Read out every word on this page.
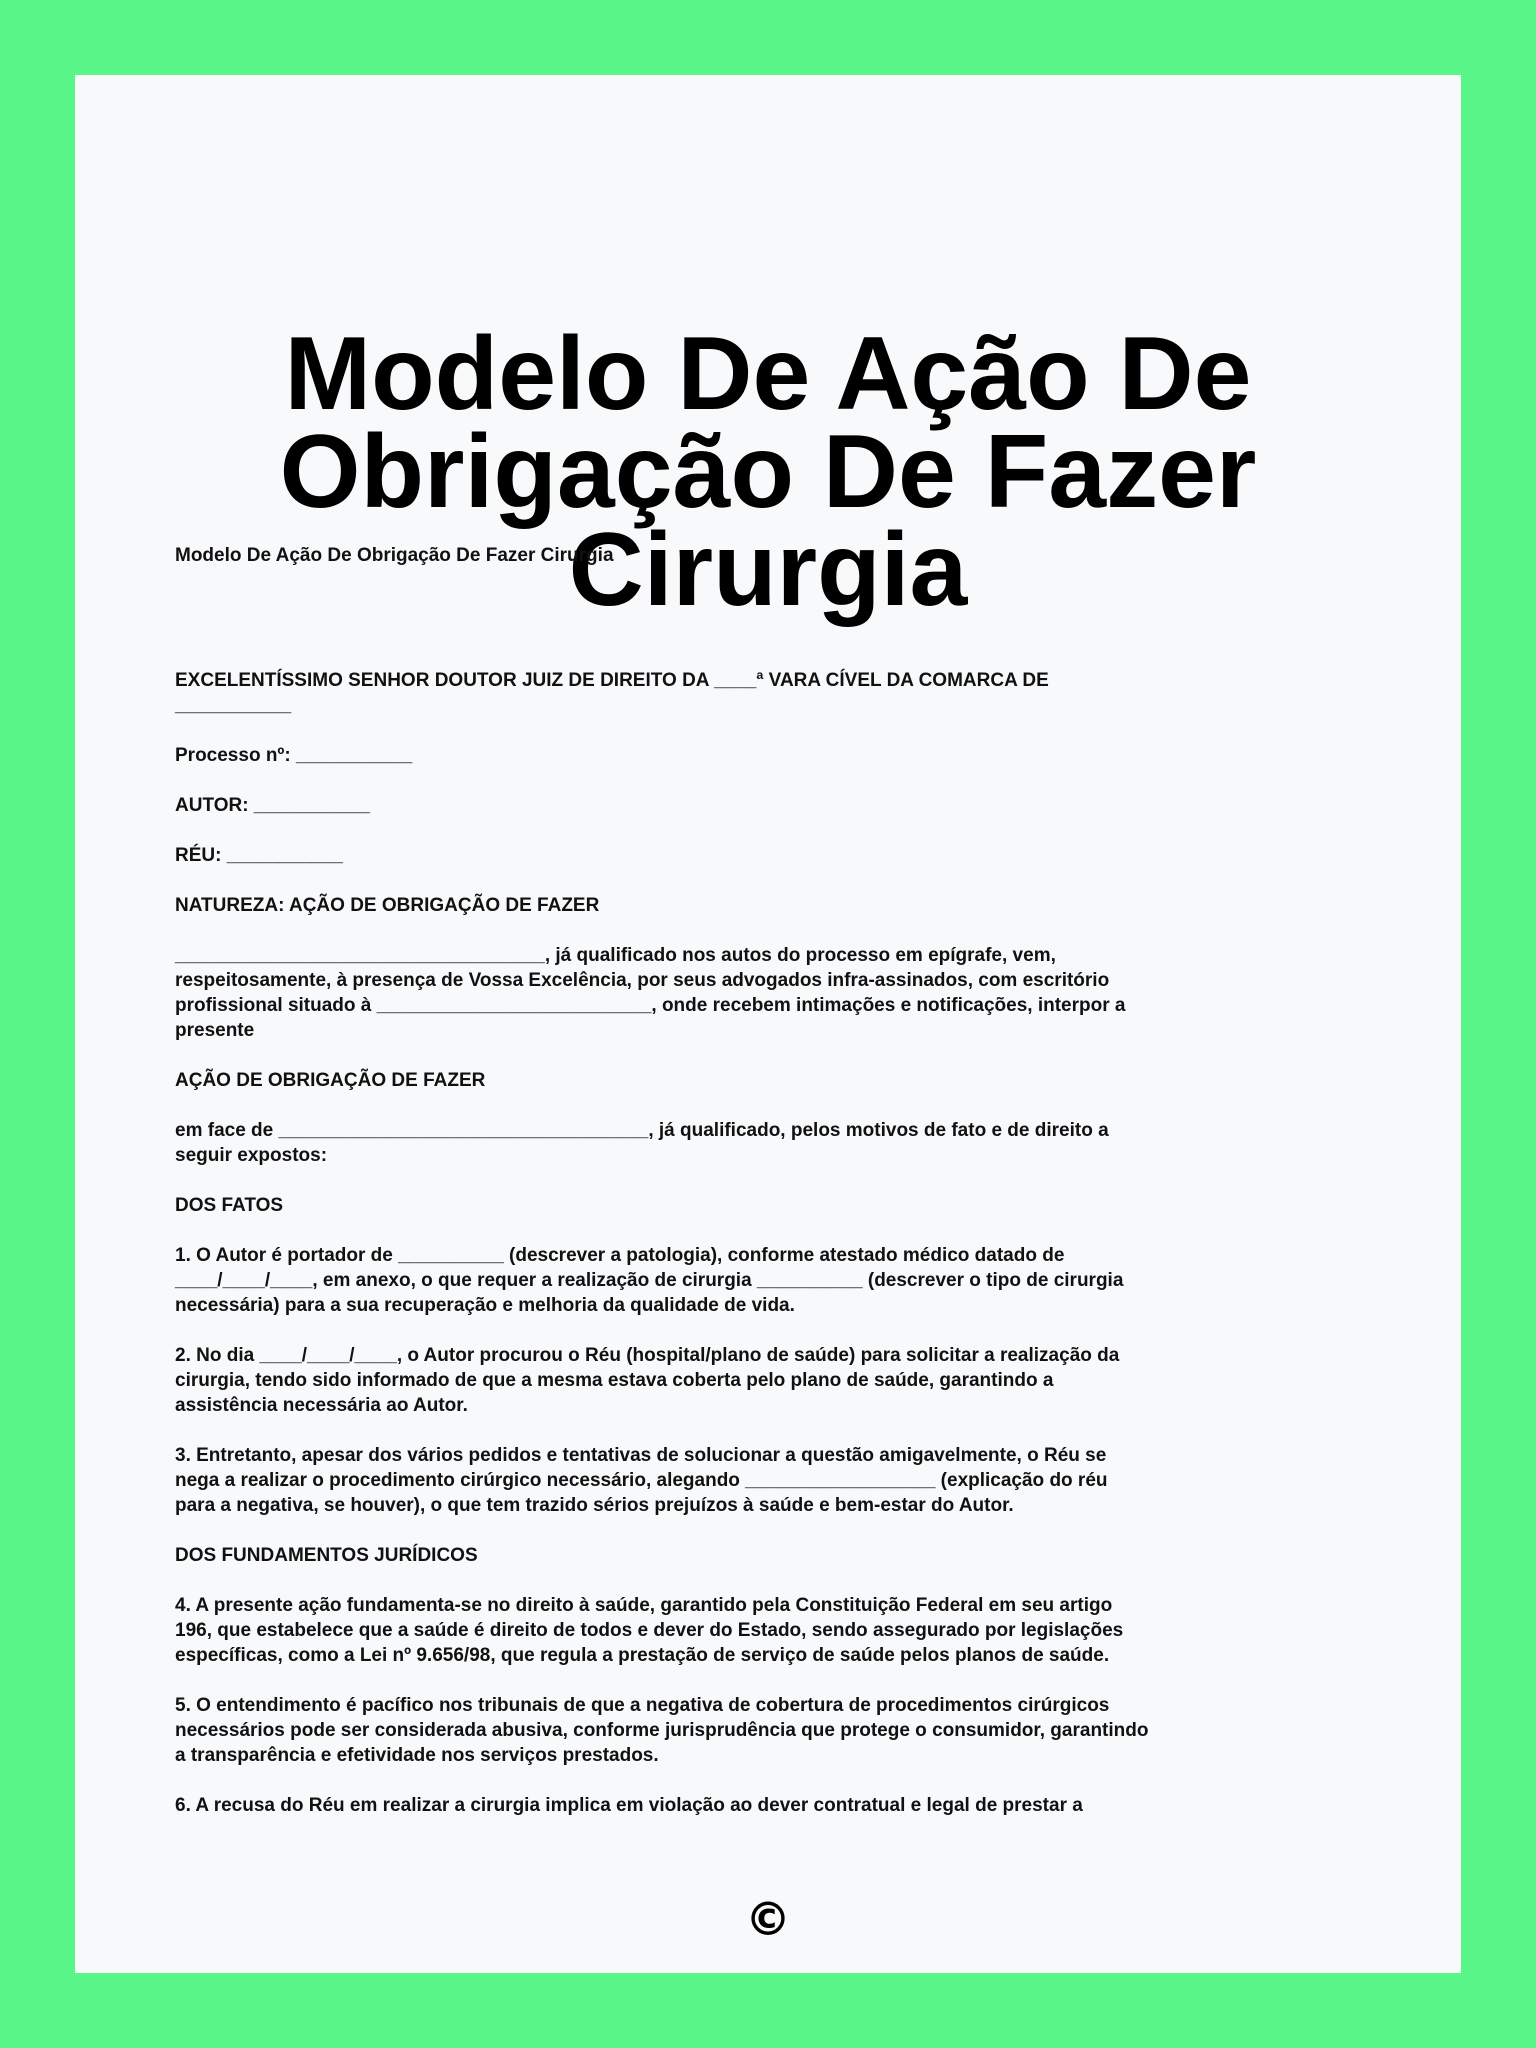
Modelo De Ação De
Obrigação De Fazer Cirurgia

Modelo De Ação De Obrigação De Fazer Cirurgia

EXCELENTÍSSIMO SENHOR DOUTOR JUIZ DE DIREITO DA ____ª VARA CÍVEL DA COMARCA DE
___________

Processo nº: ___________

AUTOR: ___________

RÉU: ___________

NATUREZA: AÇÃO DE OBRIGAÇÃO DE FAZER

___________________________________, já qualificado nos autos do processo em epígrafe, vem,
respeitosamente, à presença de Vossa Excelência, por seus advogados infra-assinados, com escritório
profissional situado à __________________________, onde recebem intimações e notificações, interpor a
presente

AÇÃO DE OBRIGAÇÃO DE FAZER

em face de ___________________________________, já qualificado, pelos motivos de fato e de direito a
seguir expostos:

DOS FATOS

1. O Autor é portador de __________ (descrever a patologia), conforme atestado médico datado de
____/____/____, em anexo, o que requer a realização de cirurgia __________ (descrever o tipo de cirurgia
necessária) para a sua recuperação e melhoria da qualidade de vida.

2. No dia ____/____/____, o Autor procurou o Réu (hospital/plano de saúde) para solicitar a realização da
cirurgia, tendo sido informado de que a mesma estava coberta pelo plano de saúde, garantindo a
assistência necessária ao Autor.

3. Entretanto, apesar dos vários pedidos e tentativas de solucionar a questão amigavelmente, o Réu se
nega a realizar o procedimento cirúrgico necessário, alegando __________________ (explicação do réu
para a negativa, se houver), o que tem trazido sérios prejuízos à saúde e bem-estar do Autor.

DOS FUNDAMENTOS JURÍDICOS

4. A presente ação fundamenta-se no direito à saúde, garantido pela Constituição Federal em seu artigo
196, que estabelece que a saúde é direito de todos e dever do Estado, sendo assegurado por legislações
específicas, como a Lei nº 9.656/98, que regula a prestação de serviço de saúde pelos planos de saúde.

5. O entendimento é pacífico nos tribunais de que a negativa de cobertura de procedimentos cirúrgicos
necessários pode ser considerada abusiva, conforme jurisprudência que protege o consumidor, garantindo
a transparência e efetividade nos serviços prestados.

6. A recusa do Réu em realizar a cirurgia implica em violação ao dever contratual e legal de prestar a

©
